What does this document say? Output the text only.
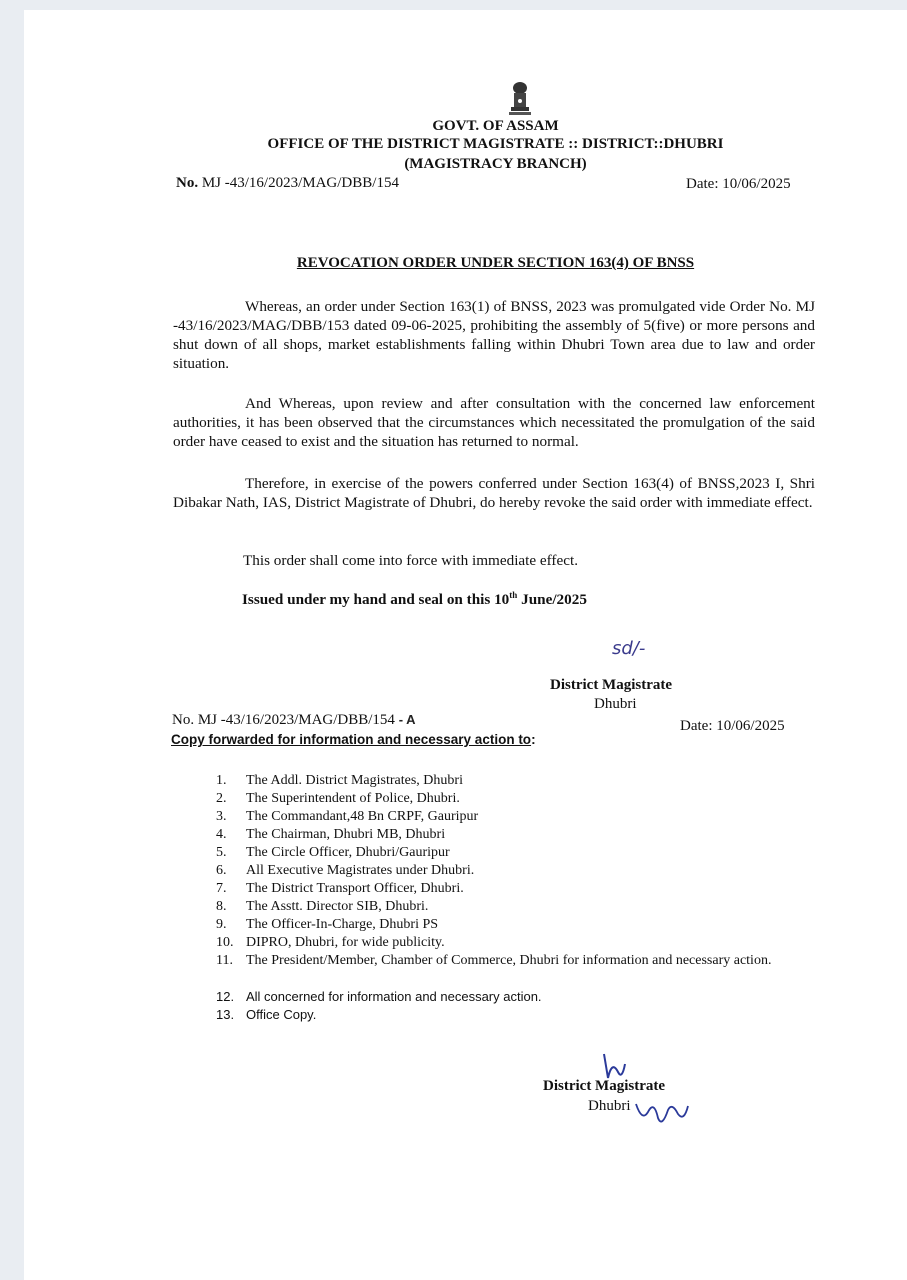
GOVT. OF ASSAM
OFFICE OF THE DISTRICT MAGISTRATE :: DISTRICT::DHUBRI
(MAGISTRACY BRANCH)
No. MJ -43/16/2023/MAG/DBB/154	Date: 10/06/2025
REVOCATION ORDER UNDER SECTION 163(4) OF BNSS
Whereas, an order under Section 163(1) of BNSS, 2023 was promulgated vide Order No. MJ -43/16/2023/MAG/DBB/153 dated 09-06-2025, prohibiting the assembly of 5(five) or more persons and shut down of all shops, market establishments falling within Dhubri Town area due to law and order situation.
And Whereas, upon review and after consultation with the concerned law enforcement authorities, it has been observed that the circumstances which necessitated the promulgation of the said order have ceased to exist and the situation has returned to normal.
Therefore, in exercise of the powers conferred under Section 163(4) of BNSS,2023 I, Shri Dibakar Nath, IAS, District Magistrate of Dhubri, do hereby revoke the said order with immediate effect.
This order shall come into force with immediate effect.
Issued under my hand and seal on this 10th June/2025
sd/-
District Magistrate
Dhubri
No. MJ -43/16/2023/MAG/DBB/154 - A	Date: 10/06/2025
Copy forwarded for information and necessary action to:
1.	The Addl. District Magistrates, Dhubri
2.	The Superintendent of Police, Dhubri.
3.	The Commandant,48 Bn CRPF, Gauripur
4.	The Chairman, Dhubri MB, Dhubri
5.	The Circle Officer, Dhubri/Gauripur
6.	All Executive Magistrates under Dhubri.
7.	The District Transport Officer, Dhubri.
8.	The Asstt. Director SIB, Dhubri.
9.	The Officer-In-Charge, Dhubri PS
10. DIPRO, Dhubri, for wide publicity.
11. The President/Member, Chamber of Commerce, Dhubri for information and necessary action.
12. All concerned for information and necessary action.
13. Office Copy.
District Magistrate
Dhubri
